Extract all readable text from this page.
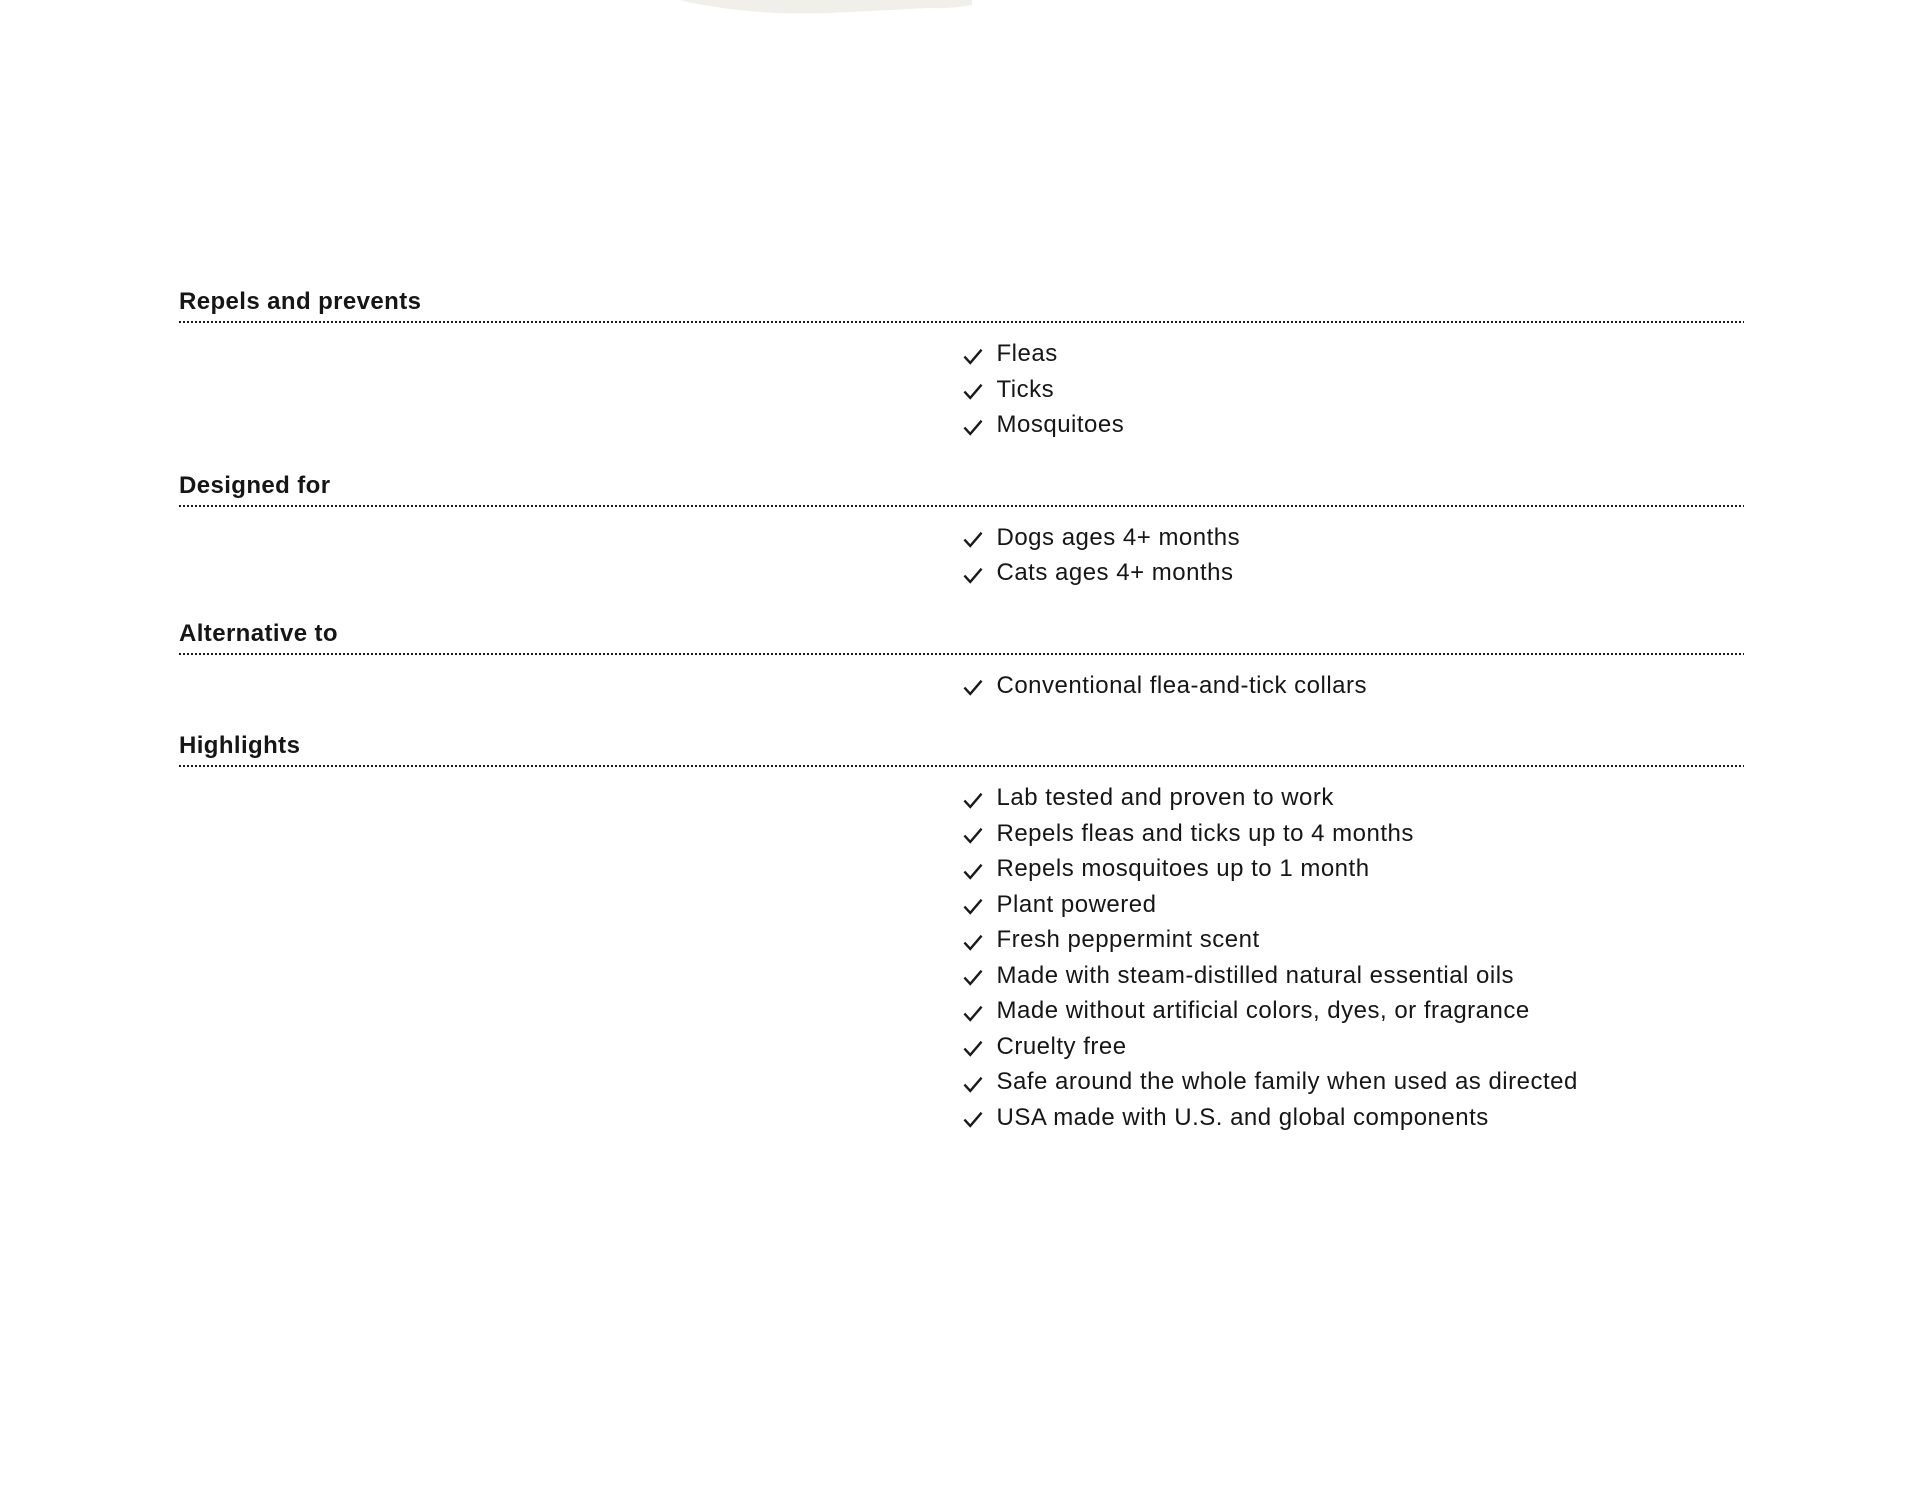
Repels and prevents
Fleas
Ticks
Mosquitoes
Designed for
Dogs ages 4+ months
Cats ages 4+ months
Alternative to
Conventional flea-and-tick collars
Highlights
Lab tested and proven to work
Repels fleas and ticks up to 4 months
Repels mosquitoes up to 1 month
Plant powered
Fresh peppermint scent
Made with steam-distilled natural essential oils
Made without artificial colors, dyes, or fragrance
Cruelty free
Safe around the whole family when used as directed
USA made with U.S. and global components
